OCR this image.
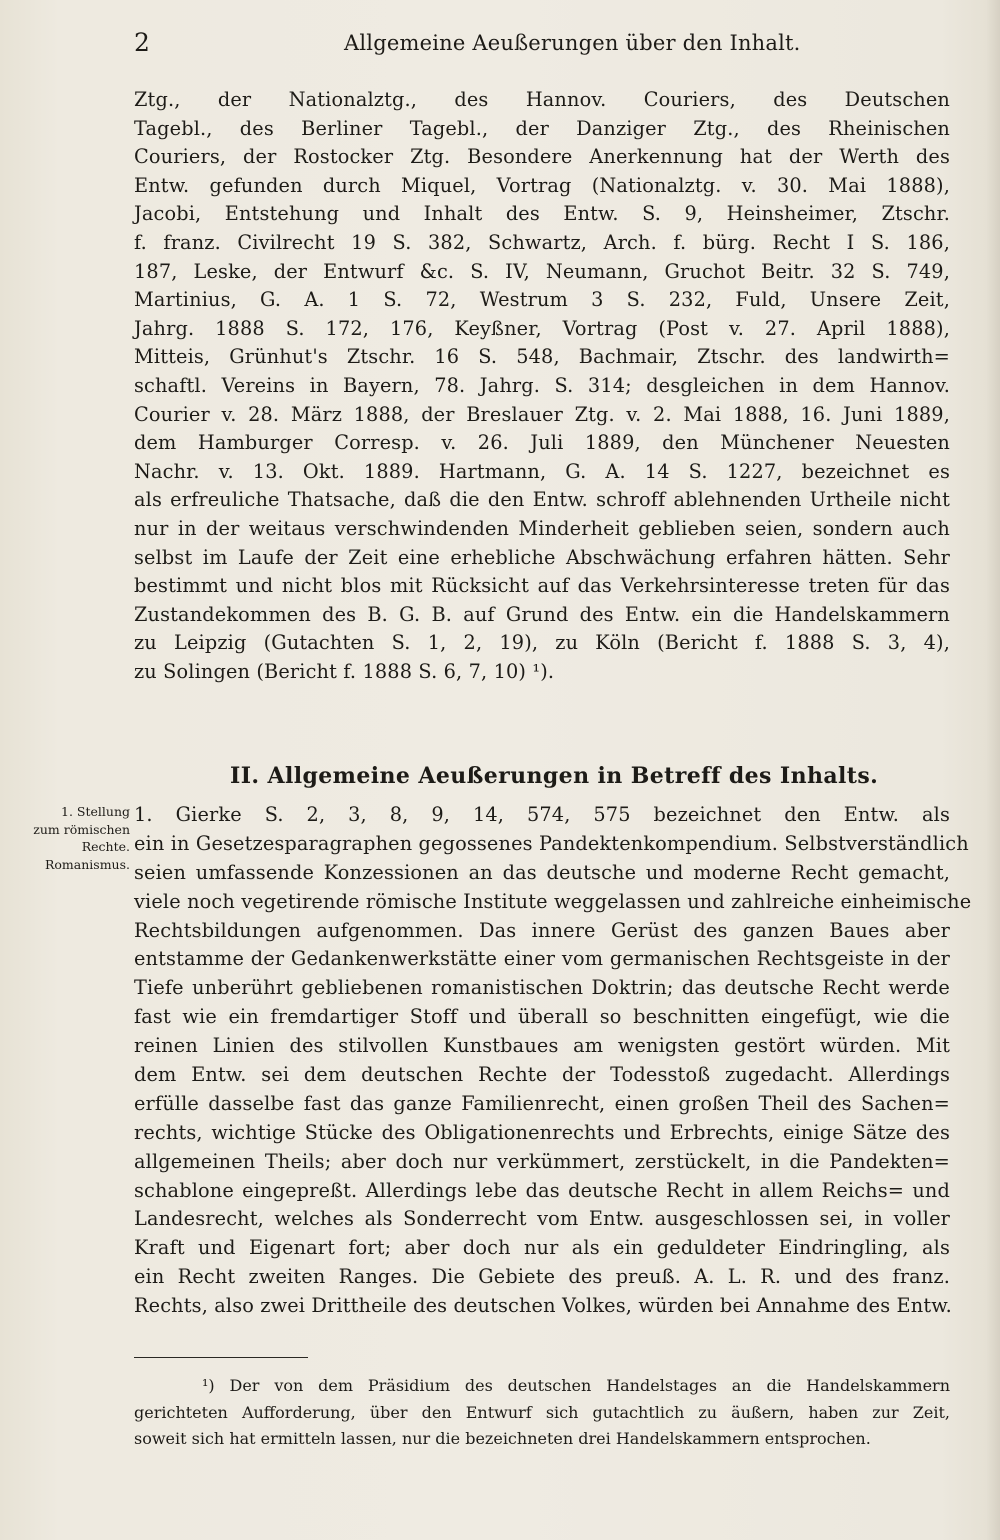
2	Allgemeine Aeußerungen über den Inhalt.
Ztg., der Nationalztg., des Hannov. Couriers, des Deutschen
Tagebl., des Berliner Tagebl., der Danziger Ztg., des Rheinischen
Couriers, der Rostocker Ztg. Besondere Anerkennung hat der Werth des
Entw. gefunden durch Miquel, Vortrag (Nationalztg. v. 30. Mai 1888),
Jacobi, Entstehung und Inhalt des Entw. S. 9, Heinsheimer, Ztschr.
f. franz. Civilrecht 19 S. 382, Schwartz, Arch. f. bürg. Recht I S. 186,
187, Leske, der Entwurf &c. S. IV, Neumann, Gruchot Beitr. 32 S. 749,
Martinius, G. A. 1 S. 72, Westrum 3 S. 232, Fuld, Unsere Zeit,
Jahrg. 1888 S. 172, 176, Keyßner, Vortrag (Post v. 27. April 1888),
Mitteis, Grünhut's Ztschr. 16 S. 548, Bachmair, Ztschr. des landwirth=
schaftl. Vereins in Bayern, 78. Jahrg. S. 314; desgleichen in dem Hannov.
Courier v. 28. März 1888, der Breslauer Ztg. v. 2. Mai 1888, 16. Juni 1889,
dem Hamburger Corresp. v. 26. Juli 1889, den Münchener Neuesten
Nachr. v. 13. Okt. 1889. Hartmann, G. A. 14 S. 1227, bezeichnet es
als erfreuliche Thatsache, daß die den Entw. schroff ablehnenden Urtheile nicht
nur in der weitaus verschwindenden Minderheit geblieben seien, sondern auch
selbst im Laufe der Zeit eine erhebliche Abschwächung erfahren hätten. Sehr
bestimmt und nicht blos mit Rücksicht auf das Verkehrsinteresse treten für das
Zustandekommen des B. G. B. auf Grund des Entw. ein die Handelskammern
zu Leipzig (Gutachten S. 1, 2, 19), zu Köln (Bericht f. 1888 S. 3, 4),
zu Solingen (Bericht f. 1888 S. 6, 7, 10) ¹).
II. Allgemeine Aeußerungen in Betreff des Inhalts.
1. Stellung
zum römischen
Rechte.
Romanismus.
1. Gierke S. 2, 3, 8, 9, 14, 574, 575 bezeichnet den Entw. als
ein in Gesetzesparagraphen gegossenes Pandektenkompendium. Selbstverständlich
seien umfassende Konzessionen an das deutsche und moderne Recht gemacht,
viele noch vegetirende römische Institute weggelassen und zahlreiche einheimische
Rechtsbildungen aufgenommen. Das innere Gerüst des ganzen Baues aber
entstamme der Gedankenwerkstätte einer vom germanischen Rechtsgeiste in der
Tiefe unberührt gebliebenen romanistischen Doktrin; das deutsche Recht werde
fast wie ein fremdartiger Stoff und überall so beschnitten eingefügt, wie die
reinen Linien des stilvollen Kunstbaues am wenigsten gestört würden. Mit
dem Entw. sei dem deutschen Rechte der Todesstoß zugedacht. Allerdings
erfülle dasselbe fast das ganze Familienrecht, einen großen Theil des Sachen=
rechts, wichtige Stücke des Obligationenrechts und Erbrechts, einige Sätze des
allgemeinen Theils; aber doch nur verkümmert, zerstückelt, in die Pandekten=
schablone eingepreßt. Allerdings lebe das deutsche Recht in allem Reichs= und
Landesrecht, welches als Sonderrecht vom Entw. ausgeschlossen sei, in voller
Kraft und Eigenart fort; aber doch nur als ein geduldeter Eindringling, als
ein Recht zweiten Ranges. Die Gebiete des preuß. A. L. R. und des franz.
Rechts, also zwei Drittheile des deutschen Volkes, würden bei Annahme des Entw.
¹) Der von dem Präsidium des deutschen Handelstages an die Handelskammern
gerichteten Aufforderung, über den Entwurf sich gutachtlich zu äußern, haben zur Zeit,
soweit sich hat ermitteln lassen, nur die bezeichneten drei Handelskammern entsprochen.
